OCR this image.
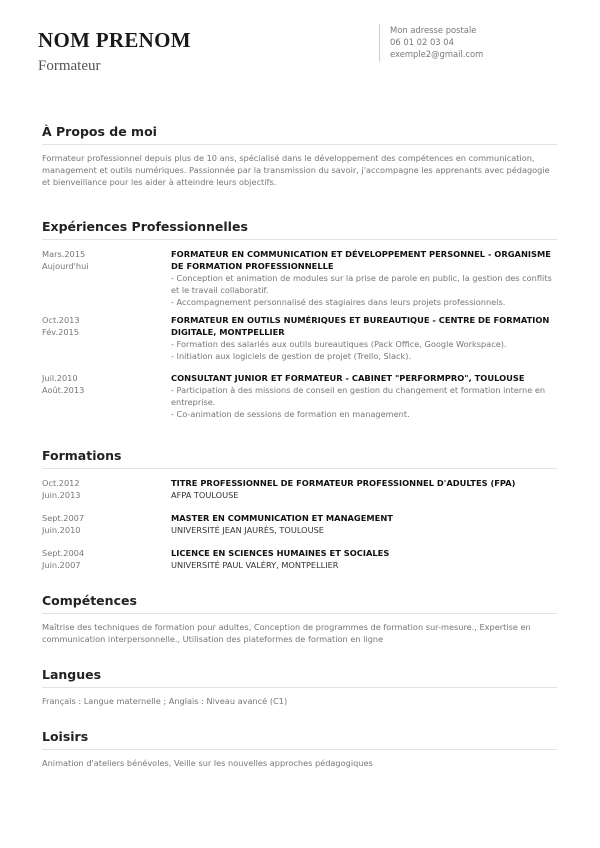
NOM PRENOM
Formateur
Mon adresse postale
06 01 02 03 04
exemple2@gmail.com
À Propos de moi

Formateur professionnel depuis plus de 10 ans, spécialisé dans le développement des compétences en communication, management et outils numériques. Passionnée par la transmission du savoir, j'accompagne les apprenants avec pédagogie et bienveillance pour les aider à atteindre leurs objectifs.

Expériences Professionnelles
Mars.2015
Aujourd'hui
FORMATEUR EN COMMUNICATION ET DÉVELOPPEMENT PERSONNEL - ORGANISME DE FORMATION PROFESSIONNELLE
- Conception et animation de modules sur la prise de parole en public, la gestion des conflits et le travail collaboratif.
- Accompagnement personnalisé des stagiaires dans leurs projets professionnels.
Oct.2013
Fév.2015
FORMATEUR EN OUTILS NUMÉRIQUES ET BUREAUTIQUE - CENTRE DE FORMATION DIGITALE, MONTPELLIER
- Formation des salariés aux outils bureautiques (Pack Office, Google Workspace).
- Initiation aux logiciels de gestion de projet (Trello, Slack).
Juil.2010
Août.2013
CONSULTANT JUNIOR ET FORMATEUR - CABINET "PERFORMPRO", TOULOUSE
- Participation à des missions de conseil en gestion du changement et formation interne en entreprise.
- Co-animation de sessions de formation en management.
Formations
Oct.2012
Juin.2013
TITRE PROFESSIONNEL DE FORMATEUR PROFESSIONNEL D'ADULTES (FPA)
AFPA TOULOUSE
Sept.2007
Juin.2010
MASTER EN COMMUNICATION ET MANAGEMENT
UNIVERSITÉ JEAN JAURÈS, TOULOUSE
Sept.2004
Juin.2007
LICENCE EN SCIENCES HUMAINES ET SOCIALES
UNIVERSITÉ PAUL VALÉRY, MONTPELLIER
Compétences

Maîtrise des techniques de formation pour adultes, Conception de programmes de formation sur-mesure., Expertise en communication interpersonnelle., Utilisation des plateformes de formation en ligne

Langues

Français : Langue maternelle ; Anglais : Niveau avancé (C1)

Loisirs

Animation d'ateliers bénévoles, Veille sur les nouvelles approches pédagogiques
